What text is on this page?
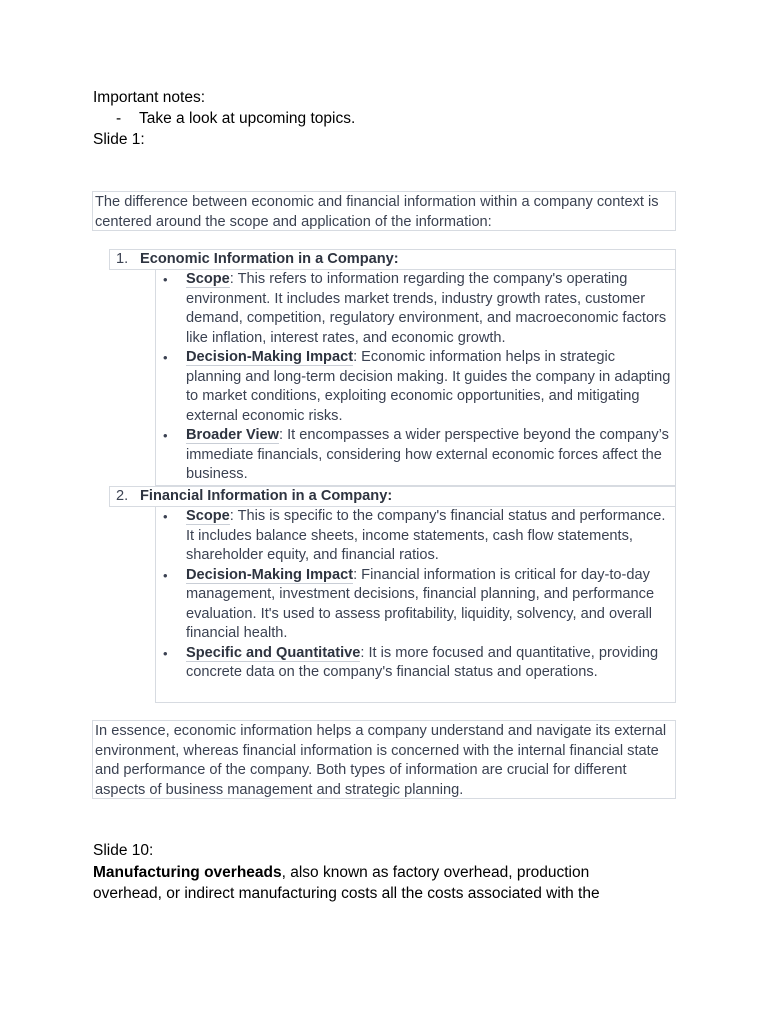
Important notes:
- Take a look at upcoming topics.
Slide 1:
The difference between economic and financial information within a company context is centered around the scope and application of the information:
1. Economic Information in a Company:
• Scope: This refers to information regarding the company's operating environment. It includes market trends, industry growth rates, customer demand, competition, regulatory environment, and macroeconomic factors like inflation, interest rates, and economic growth.
• Decision-Making Impact: Economic information helps in strategic planning and long-term decision making. It guides the company in adapting to market conditions, exploiting economic opportunities, and mitigating external economic risks.
• Broader View: It encompasses a wider perspective beyond the company’s immediate financials, considering how external economic forces affect the business.
2. Financial Information in a Company:
• Scope: This is specific to the company's financial status and performance. It includes balance sheets, income statements, cash flow statements, shareholder equity, and financial ratios.
• Decision-Making Impact: Financial information is critical for day-to-day management, investment decisions, financial planning, and performance evaluation. It's used to assess profitability, liquidity, solvency, and overall financial health.
• Specific and Quantitative: It is more focused and quantitative, providing concrete data on the company's financial status and operations.
In essence, economic information helps a company understand and navigate its external environment, whereas financial information is concerned with the internal financial state and performance of the company. Both types of information are crucial for different aspects of business management and strategic planning.
Slide 10:
Manufacturing overheads, also known as factory overhead, production overhead, or indirect manufacturing costs all the costs associated with the
